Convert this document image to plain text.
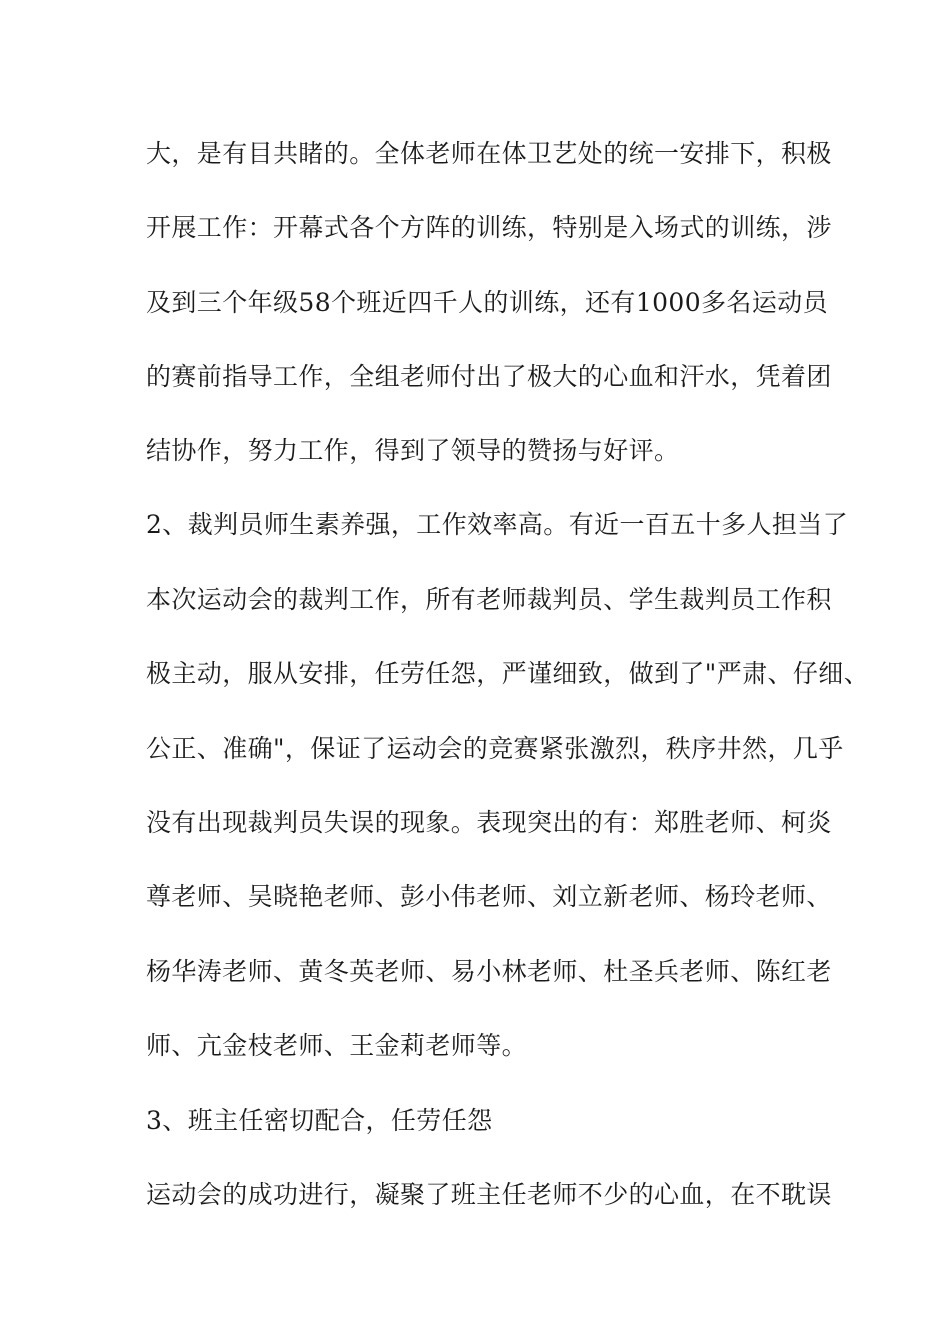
大，是有目共睹的。全体老师在体卫艺处的统一安排下，积极
开展工作：开幕式各个方阵的训练，特别是入场式的训练，涉
及到三个年级58个班近四千人的训练，还有1000多名运动员
的赛前指导工作，全组老师付出了极大的心血和汗水，凭着团
结协作，努力工作，得到了领导的赞扬与好评。
2、裁判员师生素养强，工作效率高。有近一百五十多人担当了
本次运动会的裁判工作，所有老师裁判员、学生裁判员工作积
极主动，服从安排，任劳任怨，严谨细致，做到了"严肃、仔细、
公正、准确"，保证了运动会的竞赛紧张激烈，秩序井然，几乎
没有出现裁判员失误的现象。表现突出的有：郑胜老师、柯炎
尊老师、吴晓艳老师、彭小伟老师、刘立新老师、杨玲老师、
杨华涛老师、黄冬英老师、易小林老师、杜圣兵老师、陈红老
师、亢金枝老师、王金莉老师等。
3、班主任密切配合，任劳任怨
运动会的成功进行，凝聚了班主任老师不少的心血，在不耽误
